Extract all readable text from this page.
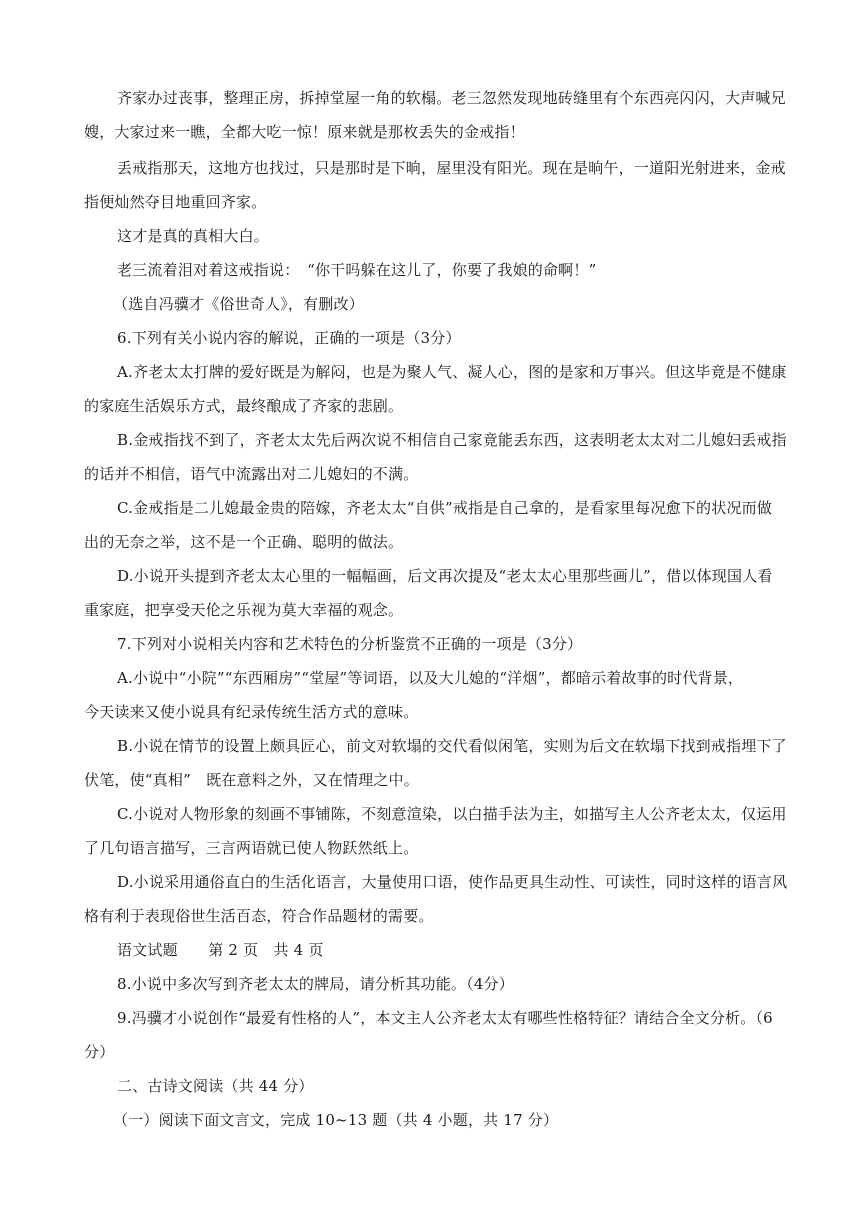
齐家办过丧事，整理正房，拆掉堂屋一角的软榻。老三忽然发现地砖缝里有个东西亮闪闪，大声喊兄
嫂，大家过来一瞧，全都大吃一惊！原来就是那枚丢失的金戒指！
丢戒指那天，这地方也找过，只是那时是下晌，屋里没有阳光。现在是晌午，一道阳光射进来，金戒
指便灿然夺目地重回齐家。
这才是真的真相大白。
老三流着泪对着这戒指说：　“你干吗躲在这儿了，你要了我娘的命啊！”
（选自冯骥才《俗世奇人》，有删改）
6.下列有关小说内容的解说，正确的一项是（3分）
A.齐老太太打牌的爱好既是为解闷，也是为聚人气、凝人心，图的是家和万事兴。但这毕竟是不健康
的家庭生活娱乐方式，最终酿成了齐家的悲剧。
B.金戒指找不到了，齐老太太先后两次说不相信自己家竟能丢东西，这表明老太太对二儿媳妇丢戒指
的话并不相信，语气中流露出对二儿媳妇的不满。
C.金戒指是二儿媳最金贵的陪嫁，齐老太太“自供”戒指是自己拿的，是看家里每况愈下的状况而做
出的无奈之举，这不是一个正确、聪明的做法。
D.小说开头提到齐老太太心里的一幅幅画，后文再次提及“老太太心里那些画儿”，借以体现国人看
重家庭，把享受天伦之乐视为莫大幸福的观念。
7.下列对小说相关内容和艺术特色的分析鉴赏不正确的一项是（3分）
A.小说中“小院”“东西厢房”“堂屋”等词语，以及大儿媳的“洋烟”，都暗示着故事的时代背景，
今天读来又使小说具有纪录传统生活方式的意味。
B.小说在情节的设置上颇具匠心，前文对软塌的交代看似闲笔，实则为后文在软塌下找到戒指埋下了
伏笔，使“真相”　既在意料之外，又在情理之中。
C.小说对人物形象的刻画不事铺陈，不刻意渲染，以白描手法为主，如描写主人公齐老太太，仅运用
了几句语言描写，三言两语就已使人物跃然纸上。
D.小说采用通俗直白的生活化语言，大量使用口语，使作品更具生动性、可读性，同时这样的语言风
格有利于表现俗世生活百态，符合作品题材的需要。
语文试题　　第 2 页　共 4 页
8.小说中多次写到齐老太太的牌局，请分析其功能。（4分）
9.冯骥才小说创作“最爱有性格的人”，本文主人公齐老太太有哪些性格特征？请结合全文分析。（6
分）
二、古诗文阅读（共 44 分）
（一）阅读下面文言文，完成 10~13 题（共 4 小题，共 17 分）
